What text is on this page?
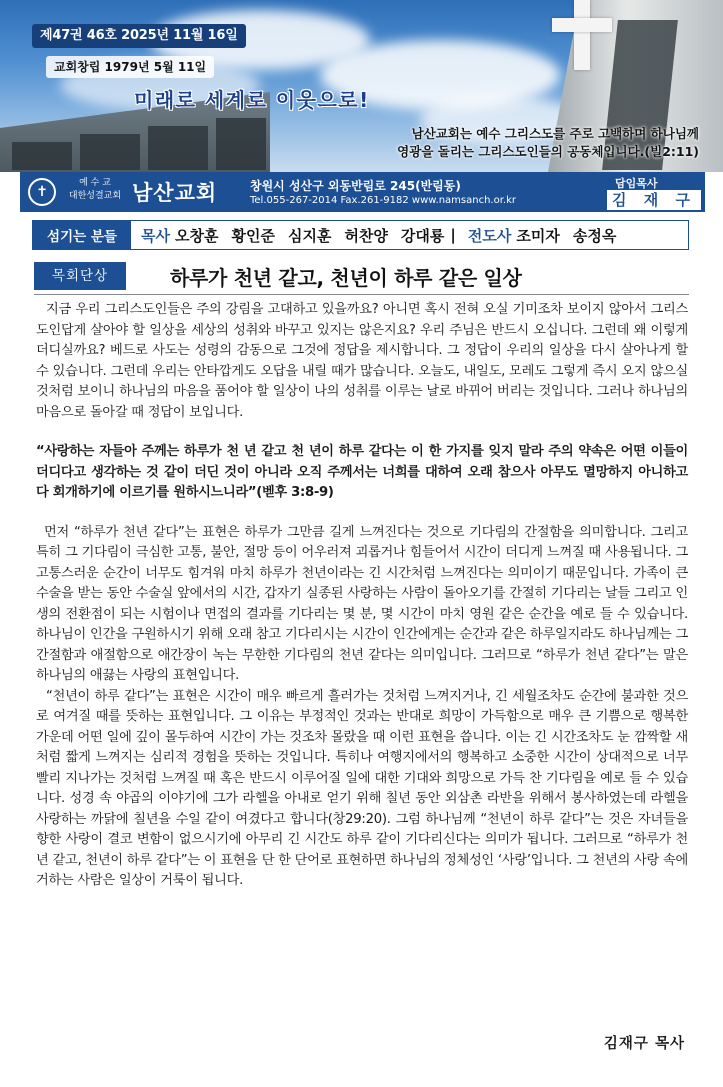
제47권 46호 2025년 11월 16일
교회창립 1979년 5월 11일
미래로 세계로 이웃으로!
남산교회는 예수 그리스도를 주로 고백하며 하나님께
영광을 돌리는 그리스도인들의 공동체입니다.(빌2:11)
✝
예 수 교
대한성결교회 남산교회	창원시 성산구 외동반림로 245(반림동)
Tel.055-267-2014 Fax.261-9182 www.namsanch.or.kr
담임목사
김 재 구
섬기는 분들	목사 오창훈 황인준 심지훈 허찬양 강대룡 | 전도사 조미자 송정옥
목회단상	하루가 천년 같고, 천년이 하루 같은 일상

지금 우리 그리스도인들은 주의 강림을 고대하고 있을까요? 아니면 혹시 전혀 오실 기미조차 보이지 않아서 그리스도인답게 살아야 할 일상을 세상의 성취와 바꾸고 있지는 않은지요? 우리 주님은 반드시 오십니다. 그런데 왜 이렇게 더디실까요? 베드로 사도는 성령의 감동으로 그것에 정답을 제시합니다. 그 정답이 우리의 일상을 다시 살아나게 할 수 있습니다. 그런데 우리는 안타깝게도 오답을 내릴 때가 많습니다. 오늘도, 내일도, 모레도 그렇게 즉시 오지 않으실 것처럼 보이니 하나님의 마음을 품어야 할 일상이 나의 성취를 이루는 날로 바뀌어 버리는 것입니다. 그러나 하나님의 마음으로 돌아갈 때 정답이 보입니다.

“사랑하는 자들아 주께는 하루가 천 년 같고 천 년이 하루 같다는 이 한 가지를 잊지 말라 주의 약속은 어떤 이들이 더디다고 생각하는 것 같이 더딘 것이 아니라 오직 주께서는 너희를 대하여 오래 참으사 아무도 멸망하지 아니하고 다 회개하기에 이르기를 원하시느니라”(벧후 3:8-9)

먼저 “하루가 천년 같다”는 표현은 하루가 그만큼 길게 느껴진다는 것으로 기다림의 간절함을 의미합니다. 그리고 특히 그 기다림이 극심한 고통, 불안, 절망 등이 어우러져 괴롭거나 힘들어서 시간이 더디게 느껴질 때 사용됩니다. 그 고통스러운 순간이 너무도 힘겨워 마치 하루가 천년이라는 긴 시간처럼 느껴진다는 의미이기 때문입니다. 가족이 큰 수술을 받는 동안 수술실 앞에서의 시간, 갑자기 실종된 사랑하는 사람이 돌아오기를 간절히 기다리는 날들 그리고 인생의 전환점이 되는 시험이나 면접의 결과를 기다리는 몇 분, 몇 시간이 마치 영원 같은 순간을 예로 들 수 있습니다. 하나님이 인간을 구원하시기 위해 오래 참고 기다리시는 시간이 인간에게는 순간과 같은 하루일지라도 하나님께는 그 간절함과 애절함으로 애간장이 녹는 무한한 기다림의 천년 같다는 의미입니다. 그러므로 “하루가 천년 같다”는 말은 하나님의 애끓는 사랑의 표현입니다.

“천년이 하루 같다”는 표현은 시간이 매우 빠르게 흘러가는 것처럼 느껴지거나, 긴 세월조차도 순간에 불과한 것으로 여겨질 때를 뜻하는 표현입니다. 그 이유는 부정적인 것과는 반대로 희망이 가득함으로 매우 큰 기쁨으로 행복한 가운데 어떤 일에 깊이 몰두하여 시간이 가는 것조차 몰랐을 때 이런 표현을 씁니다. 이는 긴 시간조차도 눈 깜짝할 새처럼 짧게 느껴지는 심리적 경험을 뜻하는 것입니다. 특히나 여행지에서의 행복하고 소중한 시간이 상대적으로 너무 빨리 지나가는 것처럼 느껴질 때 혹은 반드시 이루어질 일에 대한 기대와 희망으로 가득 찬 기다림을 예로 들 수 있습니다. 성경 속 야곱의 이야기에 그가 라헬을 아내로 얻기 위해 칠년 동안 외삼촌 라반을 위해서 봉사하였는데 라헬을 사랑하는 까닭에 칠년을 수일 같이 여겼다고 합니다(창29:20). 그럼 하나님께 “천년이 하루 같다”는 것은 자녀들을 향한 사랑이 결코 변함이 없으시기에 아무리 긴 시간도 하루 같이 기다리신다는 의미가 됩니다. 그러므로 “하루가 천년 같고, 천년이 하루 같다”는 이 표현을 단 한 단어로 표현하면 하나님의 정체성인 ‘사랑’입니다. 그 천년의 사랑 속에 거하는 사람은 일상이 거룩이 됩니다.

김재구 목사
